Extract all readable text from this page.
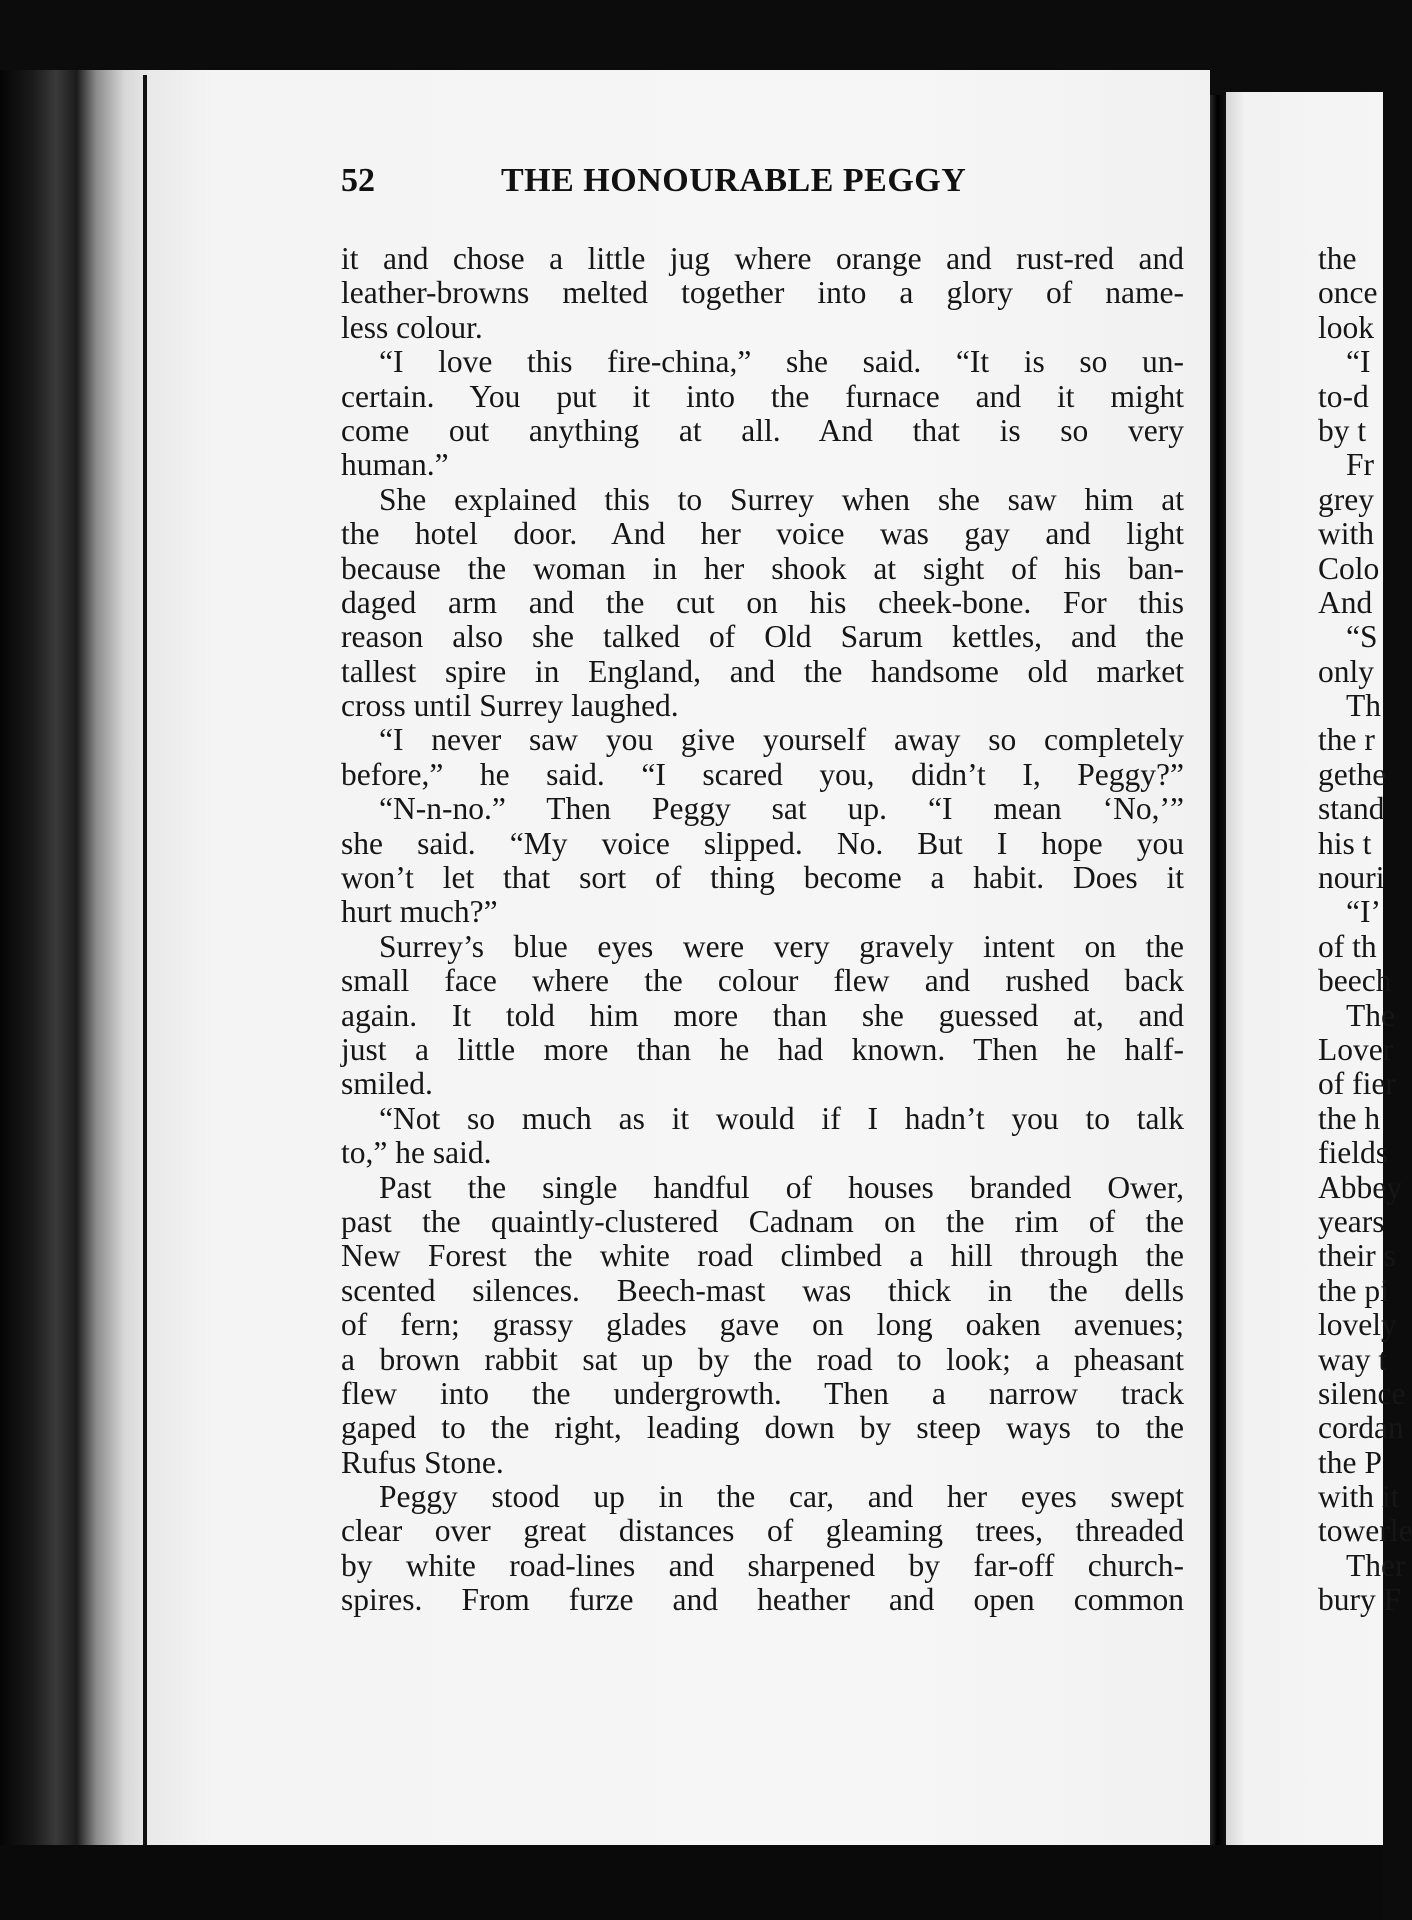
52	THE HONOURABLE PEGGY
it and chose a little jug where orange and rust-red and
leather-browns melted together into a glory of name-
less colour.
“I love this fire-china,” she said. “It is so un-
certain. You put it into the furnace and it might
come out anything at all. And that is so very
human.”
She explained this to Surrey when she saw him at
the hotel door. And her voice was gay and light
because the woman in her shook at sight of his ban-
daged arm and the cut on his cheek-bone. For this
reason also she talked of Old Sarum kettles, and the
tallest spire in England, and the handsome old market
cross until Surrey laughed.
“I never saw you give yourself away so completely
before,” he said. “I scared you, didn’t I, Peggy?”
“N-n-no.” Then Peggy sat up. “I mean ‘No,’”
she said. “My voice slipped. No. But I hope you
won’t let that sort of thing become a habit. Does it
hurt much?”
Surrey’s blue eyes were very gravely intent on the
small face where the colour flew and rushed back
again. It told him more than she guessed at, and
just a little more than he had known. Then he half-
smiled.
“Not so much as it would if I hadn’t you to talk
to,” he said.
Past the single handful of houses branded Ower,
past the quaintly-clustered Cadnam on the rim of the
New Forest the white road climbed a hill through the
scented silences. Beech-mast was thick in the dells
of fern; grassy glades gave on long oaken avenues;
a brown rabbit sat up by the road to look; a pheasant
flew into the undergrowth. Then a narrow track
gaped to the right, leading down by steep ways to the
Rufus Stone.
Peggy stood up in the car, and her eyes swept
clear over great distances of gleaming trees, threaded
by white road-lines and sharpened by far-off church-
spires. From furze and heather and open common
the
once
look
“I
to-d
by t
Fr
grey
with
Colo
And
“S
only
Th
the r
gethe
stand
his t
nouri
“I’
of th
beech
The
Lover
of fier
the h
fields
Abbey
years
their s
the pi
lovely
way t
silence
cordan
the P
with it
towerle
Ther
bury F
